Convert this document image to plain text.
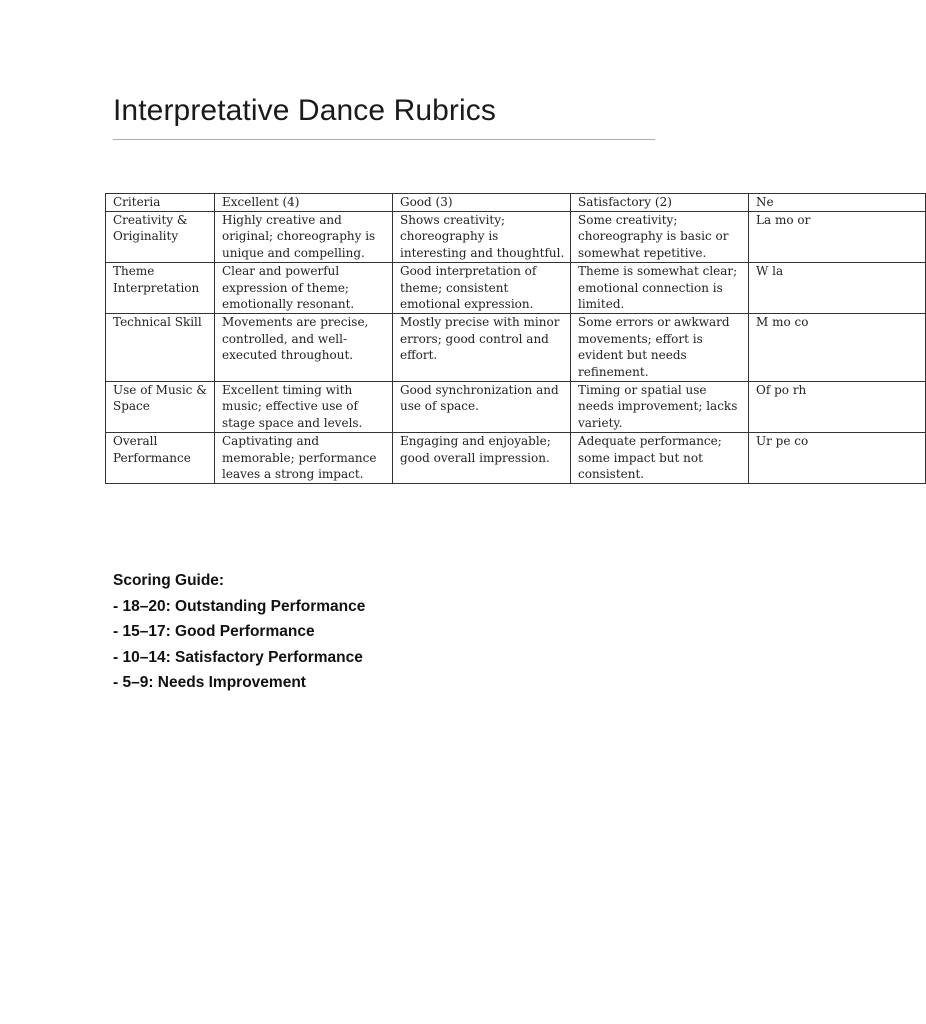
Interpretative Dance Rubrics
Criteria	Excellent (4)	Good (3)	Satisfactory (2)	Ne
Creativity & Originality	Highly creative and original; choreography is unique and compelling.	Shows creativity; choreography is interesting and thoughtful.	Some creativity; choreography is basic or somewhat repetitive.	La mo or
Theme Interpretation	Clear and powerful expression of theme; emotionally resonant.	Good interpretation of theme; consistent emotional expression.	Theme is somewhat clear; emotional connection is limited.	W la
Technical Skill	Movements are precise, controlled, and well-executed throughout.	Mostly precise with minor errors; good control and effort.	Some errors or awkward movements; effort is evident but needs refinement.	M mo co
Use of Music & Space	Excellent timing with music; effective use of stage space and levels.	Good synchronization and use of space.	Timing or spatial use needs improvement; lacks variety.	Of po rh
Overall Performance	Captivating and memorable; performance leaves a strong impact.	Engaging and enjoyable; good overall impression.	Adequate performance; some impact but not consistent.	Ur pe co
Scoring Guide:
- 18–20: Outstanding Performance
- 15–17: Good Performance
- 10–14: Satisfactory Performance
- 5–9: Needs Improvement
